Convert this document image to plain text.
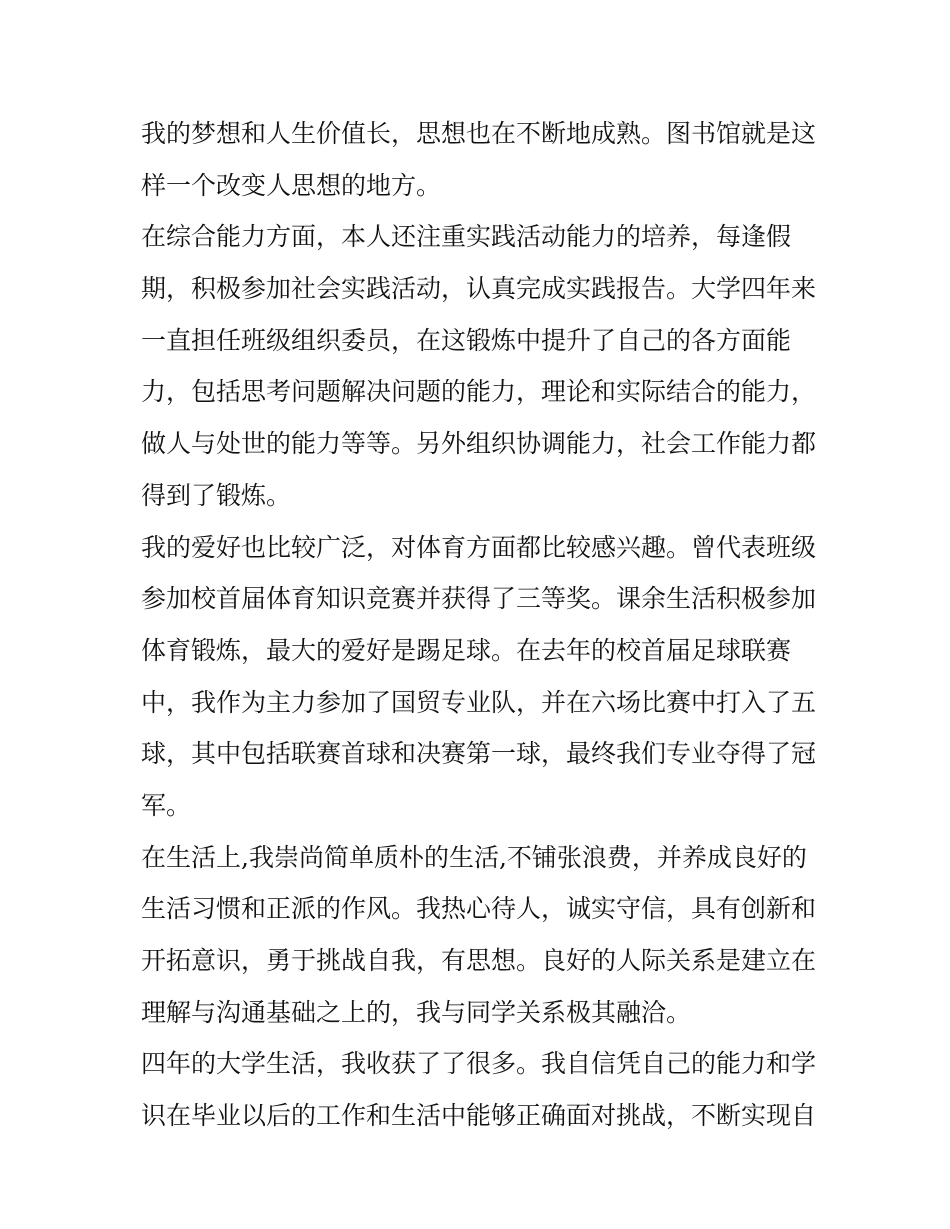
我的梦想和人生价值长，思想也在不断地成熟。图书馆就是这
样一个改变人思想的地方。
在综合能力方面，本人还注重实践活动能力的培养，每逢假
期，积极参加社会实践活动，认真完成实践报告。大学四年来
一直担任班级组织委员，在这锻炼中提升了自己的各方面能
力，包括思考问题解决问题的能力，理论和实际结合的能力，
做人与处世的能力等等。另外组织协调能力，社会工作能力都
得到了锻炼。
我的爱好也比较广泛，对体育方面都比较感兴趣。曾代表班级
参加校首届体育知识竞赛并获得了三等奖。课余生活积极参加
体育锻炼，最大的爱好是踢足球。在去年的校首届足球联赛
中，我作为主力参加了国贸专业队，并在六场比赛中打入了五
球，其中包括联赛首球和决赛第一球，最终我们专业夺得了冠
军。
在生活上,我崇尚简单质朴的生活,不铺张浪费，并养成良好的
生活习惯和正派的作风。我热心待人，诚实守信，具有创新和
开拓意识，勇于挑战自我，有思想。良好的人际关系是建立在
理解与沟通基础之上的，我与同学关系极其融洽。
四年的大学生活，我收获了了很多。我自信凭自己的能力和学
识在毕业以后的工作和生活中能够正确面对挑战，不断实现自
